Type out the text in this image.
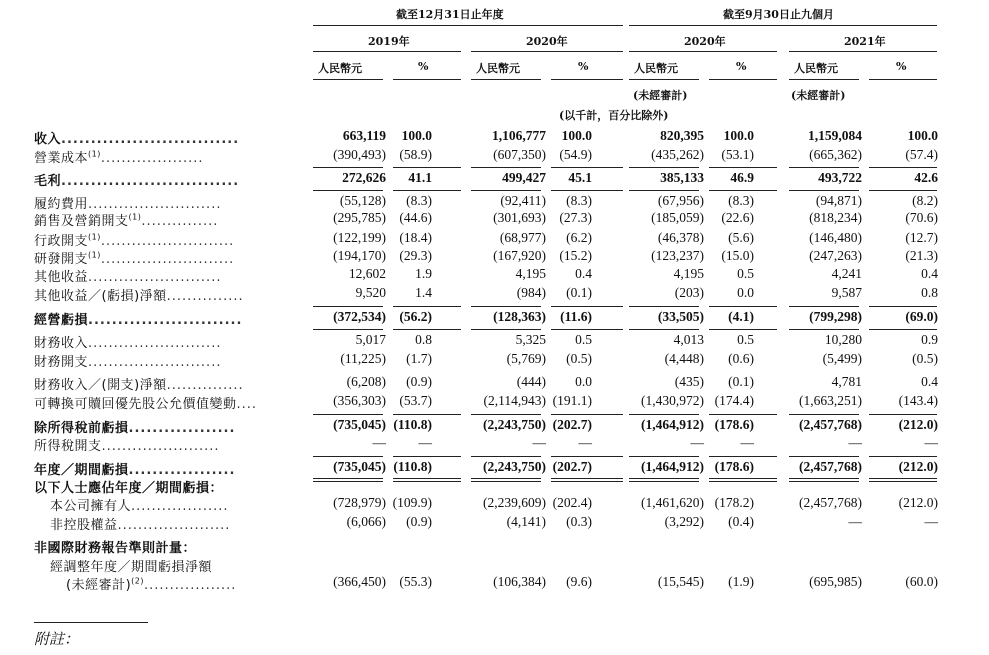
截至12月31日止年度	截至9月30日止九個月
2019年	2020年	2020年	2021年
人民幣元	%	人民幣元	%	人民幣元	%	人民幣元	%
(未經審計)	(未經審計)
(以千計，百分比除外)
收入..............................	663,119	100.0	1,106,777	100.0	820,395	100.0	1,159,084	100.0
營業成本$^{(1)}$....................	(390,493) (58.9)	(607,350) (54.9)	(435,262)	(53.1)	(665,362)	(57.4)
毛利..............................	272,626	41.1	499,427	45.1	385,133	46.9	493,722	42.6
履約費用..........................	(55,128)	(8.3)	(92,411)	(8.3)	(67,956)	(8.3)	(94,871)	(8.2)
銷售及營銷開支$^{(1)}$...............	(295,785) (44.6)	(301,693) (27.3)	(185,059)	(22.6)	(818,234)	(70.6)
行政開支$^{(1)}$..........................	(122,199) (18.4)	(68,977)	(6.2)	(46,378)	(5.6)	(146,480)	(12.7)
研發開支$^{(1)}$..........................	(194,170) (29.3)	(167,920) (15.2)	(123,237)	(15.0)	(247,263)	(21.3)
其他收益..........................	12,602	1.9	4,195	0.4	4,195	0.5	4,241	0.4
其他收益／(虧損)淨額...............	9,520	1.4	(984)	(0.1)	(203)	0.0	9,587	0.8
經營虧損..........................	(372,534) (56.2)	(128,363)	(11.6)	(33,505)	(4.1)	(799,298)	(69.0)
財務收入..........................	5,017	0.8	5,325	0.5	4,013	0.5	10,280	0.9
財務開支..........................	(11,225)	(1.7)	(5,769)	(0.5)	(4,448)	(0.6)	(5,499)	(0.5)
財務收入／(開支)淨額...............	(6,208)	(0.9)	(444)	0.0	(435)	(0.1)	4,781	0.4
可轉換可贖回優先股公允價值變動....	(356,303) (53.7)	(2,114,943) (191.1)	(1,430,972) (174.4)	(1,663,251)	(143.4)
除所得稅前虧損..................	(735,045) (110.8)	(2,243,750) (202.7)	(1,464,912) (178.6)	(2,457,768)	(212.0)
所得稅開支.......................	—	—	—	—	—	—	—	—
年度／期間虧損..................	(735,045) (110.8)	(2,243,750) (202.7)	(1,464,912) (178.6)	(2,457,768)	(212.0)
以下人士應佔年度／期間虧損：
本公司擁有人...................	(728,979) (109.9)	(2,239,609) (202.4)	(1,461,620) (178.2)	(2,457,768)	(212.0)
非控股權益......................	(6,066)	(0.9)	(4,141)	(0.3)	(3,292)	(0.4)	—	—
非國際財務報告準則計量：
經調整年度／期間虧損淨額
(未經審計)$^{(2)}$..................	(366,450) (55.3)	(106,384)	(9.6)	(15,545)	(1.9)	(695,985)	(60.0)
附註：
